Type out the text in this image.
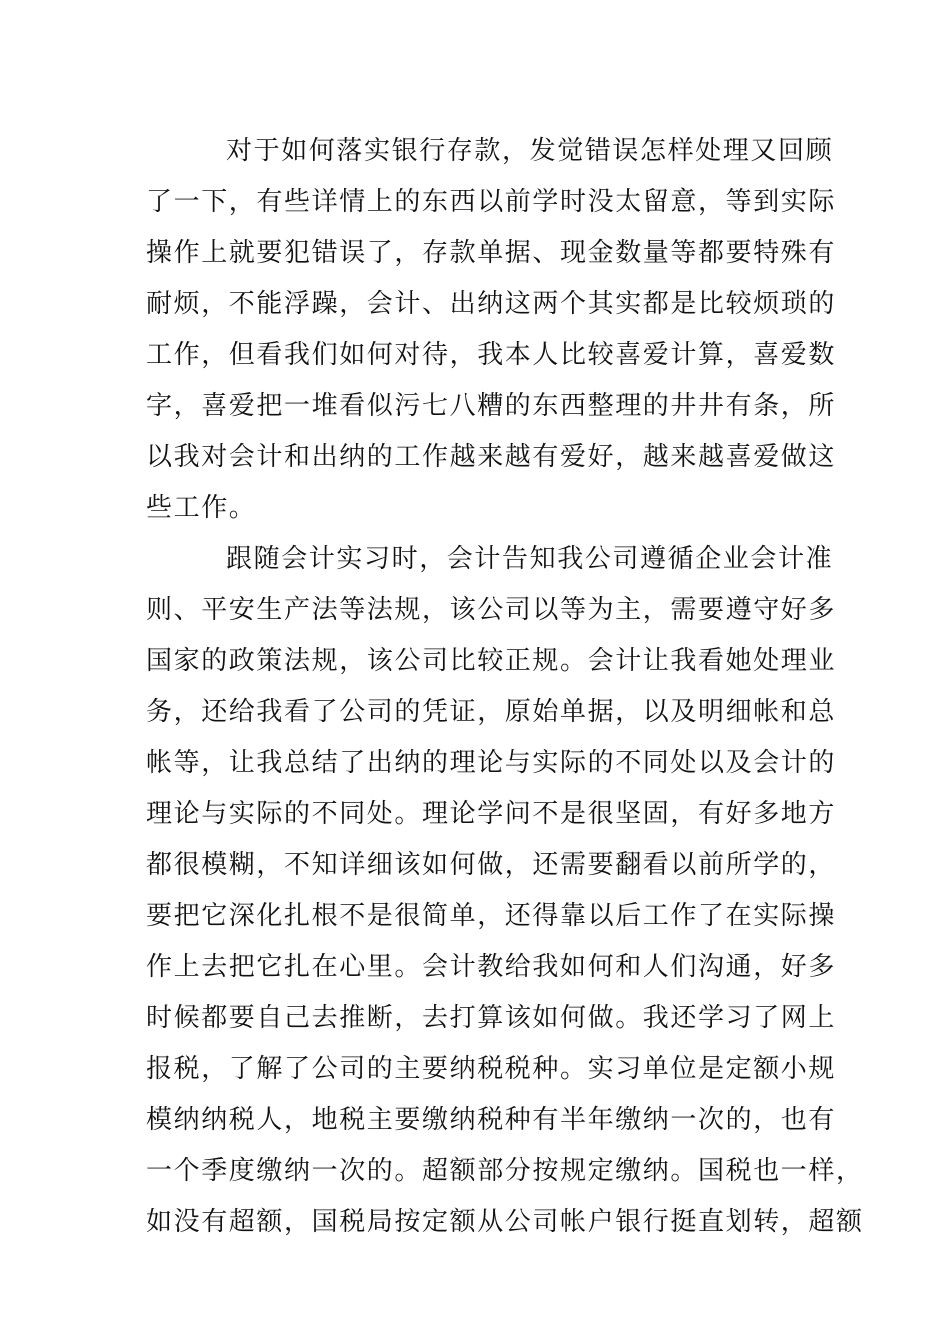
对于如何落实银行存款，发觉错误怎样处理又回顾
了一下，有些详情上的东西以前学时没太留意，等到实际
操作上就要犯错误了，存款单据、现金数量等都要特殊有
耐烦，不能浮躁，会计、出纳这两个其实都是比较烦琐的
工作，但看我们如何对待，我本人比较喜爱计算，喜爱数
字，喜爱把一堆看似污七八糟的东西整理的井井有条，所
以我对会计和出纳的工作越来越有爱好，越来越喜爱做这
些工作。
跟随会计实习时，会计告知我公司遵循企业会计准
则、平安生产法等法规，该公司以等为主，需要遵守好多
国家的政策法规，该公司比较正规。会计让我看她处理业
务，还给我看了公司的凭证，原始单据，以及明细帐和总
帐等，让我总结了出纳的理论与实际的不同处以及会计的
理论与实际的不同处。理论学问不是很坚固，有好多地方
都很模糊，不知详细该如何做，还需要翻看以前所学的，
要把它深化扎根不是很简单，还得靠以后工作了在实际操
作上去把它扎在心里。会计教给我如何和人们沟通，好多
时候都要自己去推断，去打算该如何做。我还学习了网上
报税，了解了公司的主要纳税税种。实习单位是定额小规
模纳纳税人，地税主要缴纳税种有半年缴纳一次的，也有
一个季度缴纳一次的。超额部分按规定缴纳。国税也一样，
如没有超额，国税局按定额从公司帐户银行挺直划转，超额
